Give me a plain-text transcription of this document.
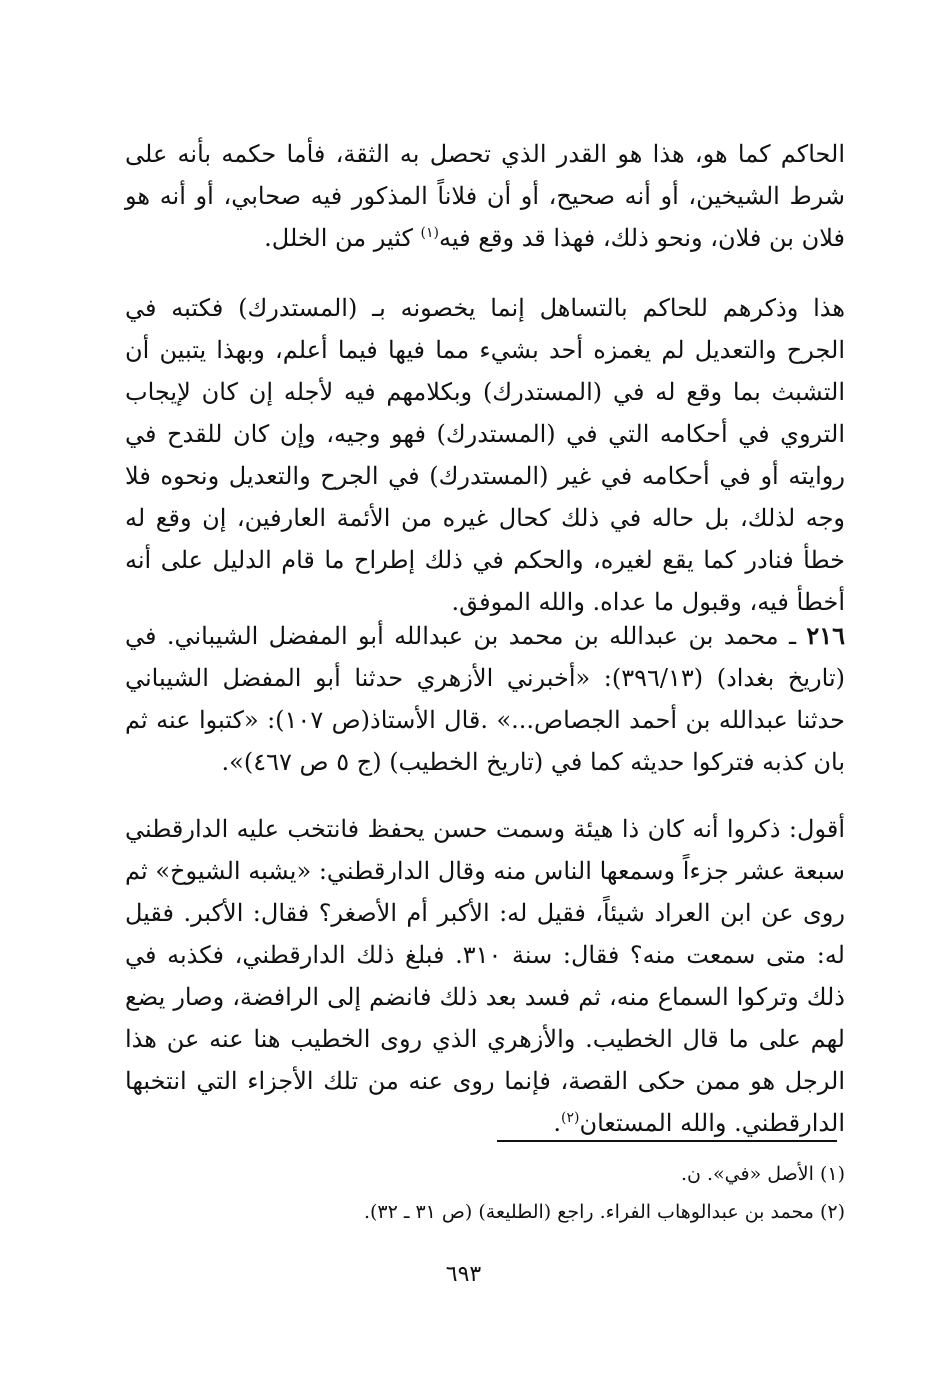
الحاكم كما هو، هذا هو القدر الذي تحصل به الثقة، فأما حكمه بأنه على شرط الشيخين، أو أنه صحيح، أو أن فلاناً المذكور فيه صحابي، أو أنه هو فلان بن فلان، ونحو ذلك، فهذا قد وقع فيه$^{(١)}$ كثير من الخلل.

هذا وذكرهم للحاكم بالتساهل إنما يخصونه بـ (المستدرك) فكتبه في الجرح والتعديل لم يغمزه أحد بشيء مما فيها فيما أعلم، وبهذا يتبين أن التشبث بما وقع له في (المستدرك) وبكلامهم فيه لأجله إن كان لإيجاب التروي في أحكامه التي في (المستدرك) فهو وجيه، وإن كان للقدح في روايته أو في أحكامه في غير (المستدرك) في الجرح والتعديل ونحوه فلا وجه لذلك، بل حاله في ذلك كحال غيره من الأئمة العارفين، إن وقع له خطأ فنادر كما يقع لغيره، والحكم في ذلك إطراح ما قام الدليل على أنه أخطأ فيه، وقبول ما عداه. والله الموفق.

٢١٦ ـ محمد بن عبدالله بن محمد بن عبدالله أبو المفضل الشيباني. في (تاريخ بغداد) (٣٩٦/١٣): «أخبرني الأزهري حدثنا أبو المفضل الشيباني حدثنا عبدالله بن أحمد الجصاص...» .قال الأستاذ(ص ١٠٧): «كتبوا عنه ثم بان كذبه فتركوا حديثه كما في (تاريخ الخطيب) (ج ٥ ص ٤٦٧)».

أقول: ذكروا أنه كان ذا هيئة وسمت حسن يحفظ فانتخب عليه الدارقطني سبعة عشر جزءاً وسمعها الناس منه وقال الدارقطني: «يشبه الشيوخ» ثم روى عن ابن العراد شيئاً، فقيل له: الأكبر أم الأصغر؟ فقال: الأكبر. فقيل له: متى سمعت منه؟ فقال: سنة ٣١٠. فبلغ ذلك الدارقطني، فكذبه في ذلك وتركوا السماع منه، ثم فسد بعد ذلك فانضم إلى الرافضة، وصار يضع لهم على ما قال الخطيب. والأزهري الذي روى الخطيب هنا عنه عن هذا الرجل هو ممن حكى القصة، فإنما روى عنه من تلك الأجزاء التي انتخبها الدارقطني. والله المستعان$^{(٢)}$.

(١) الأصل «في». ن.

(٢) محمد بن عبدالوهاب الفراء. راجع (الطليعة) (ص ٣١ ـ ٣٢).

٦٩٣
